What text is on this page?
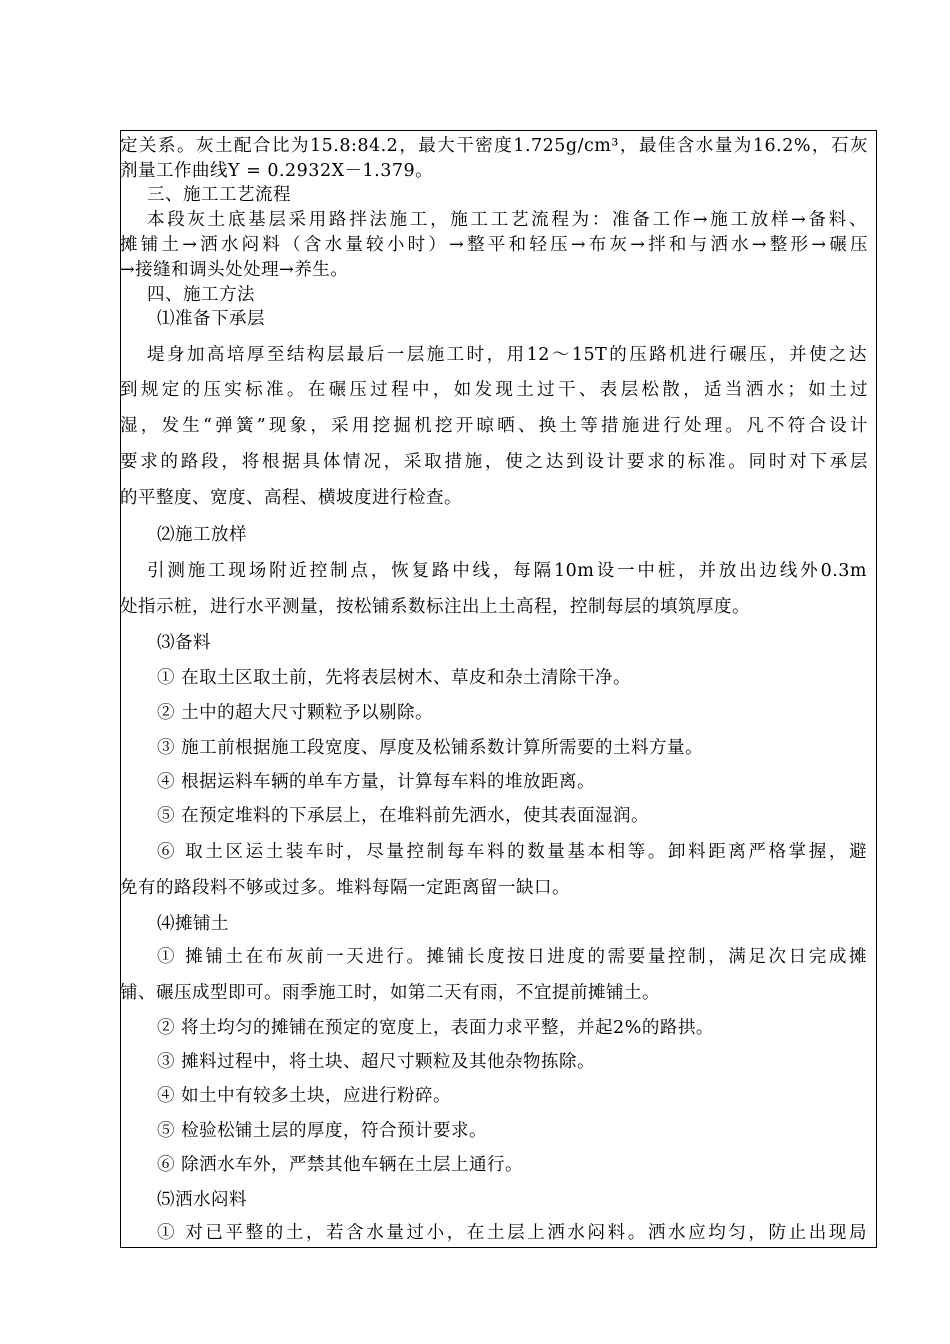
定关系。灰土配合比为15.8:84.2，最大干密度1.725g/cm³，最佳含水量为16.2%，石灰
剂量工作曲线Y = 0.2932X－1.379。
三、施工工艺流程
本段灰土底基层采用路拌法施工，施工工艺流程为：准备工作→施工放样→备料、
摊铺土→洒水闷料（含水量较小时）→整平和轻压→布灰→拌和与洒水→整形→碾压
→接缝和调头处处理→养生。
四、施工方法
⑴准备下承层
堤身加高培厚至结构层最后一层施工时，用12～15T的压路机进行碾压，并使之达
到规定的压实标准。在碾压过程中，如发现土过干、表层松散，适当洒水；如土过
湿，发生“弹簧”现象，采用挖掘机挖开晾晒、换土等措施进行处理。凡不符合设计
要求的路段，将根据具体情况，采取措施，使之达到设计要求的标准。同时对下承层
的平整度、宽度、高程、横坡度进行检查。
⑵施工放样
引测施工现场附近控制点，恢复路中线，每隔10m设一中桩，并放出边线外0.3m
处指示桩，进行水平测量，按松铺系数标注出上土高程，控制每层的填筑厚度。
⑶备料
① 在取土区取土前，先将表层树木、草皮和杂土清除干净。
② 土中的超大尺寸颗粒予以剔除。
③ 施工前根据施工段宽度、厚度及松铺系数计算所需要的土料方量。
④ 根据运料车辆的单车方量，计算每车料的堆放距离。
⑤ 在预定堆料的下承层上，在堆料前先洒水，使其表面湿润。
⑥ 取土区运土装车时，尽量控制每车料的数量基本相等。卸料距离严格掌握，避
免有的路段料不够或过多。堆料每隔一定距离留一缺口。
⑷摊铺土
① 摊铺土在布灰前一天进行。摊铺长度按日进度的需要量控制，满足次日完成摊
铺、碾压成型即可。雨季施工时，如第二天有雨，不宜提前摊铺土。
② 将土均匀的摊铺在预定的宽度上，表面力求平整，并起2%的路拱。
③ 摊料过程中，将土块、超尺寸颗粒及其他杂物拣除。
④ 如土中有较多土块，应进行粉碎。
⑤ 检验松铺土层的厚度，符合预计要求。
⑥ 除洒水车外，严禁其他车辆在土层上通行。
⑸洒水闷料
① 对已平整的土，若含水量过小，在土层上洒水闷料。洒水应均匀，防止出现局
